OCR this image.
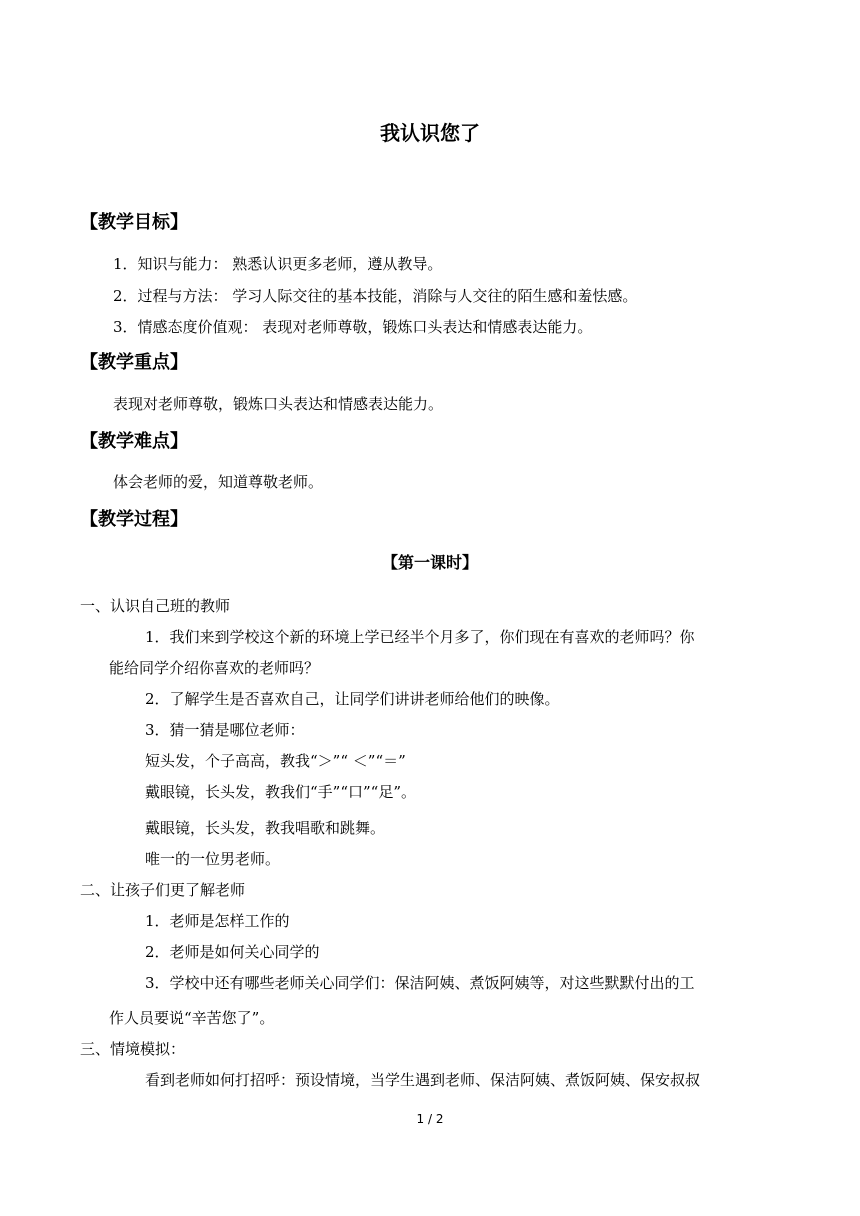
我认识您了
【教学目标】
1．知识与能力： 熟悉认识更多老师，遵从教导。
2．过程与方法： 学习人际交往的基本技能，消除与人交往的陌生感和羞怯感。
3．情感态度价值观： 表现对老师尊敬，锻炼口头表达和情感表达能力。
【教学重点】
表现对老师尊敬，锻炼口头表达和情感表达能力。
【教学难点】
体会老师的爱，知道尊敬老师。
【教学过程】
【第一课时】
一、认识自己班的教师
1．我们来到学校这个新的环境上学已经半个月多了，你们现在有喜欢的老师吗？你
能给同学介绍你喜欢的老师吗？
2．了解学生是否喜欢自己，让同学们讲讲老师给他们的映像。
3．猜一猜是哪位老师：
短头发，个子高高，教我“＞”“ ＜”“＝”
戴眼镜，长头发，教我们“手”“口”“足”。
戴眼镜，长头发，教我唱歌和跳舞。
唯一的一位男老师。
二、让孩子们更了解老师
1．老师是怎样工作的
2．老师是如何关心同学的
3．学校中还有哪些老师关心同学们：保洁阿姨、煮饭阿姨等，对这些默默付出的工
作人员要说“辛苦您了”。
三、情境模拟：
看到老师如何打招呼：预设情境，当学生遇到老师、保洁阿姨、煮饭阿姨、保安叔叔
1 / 2
